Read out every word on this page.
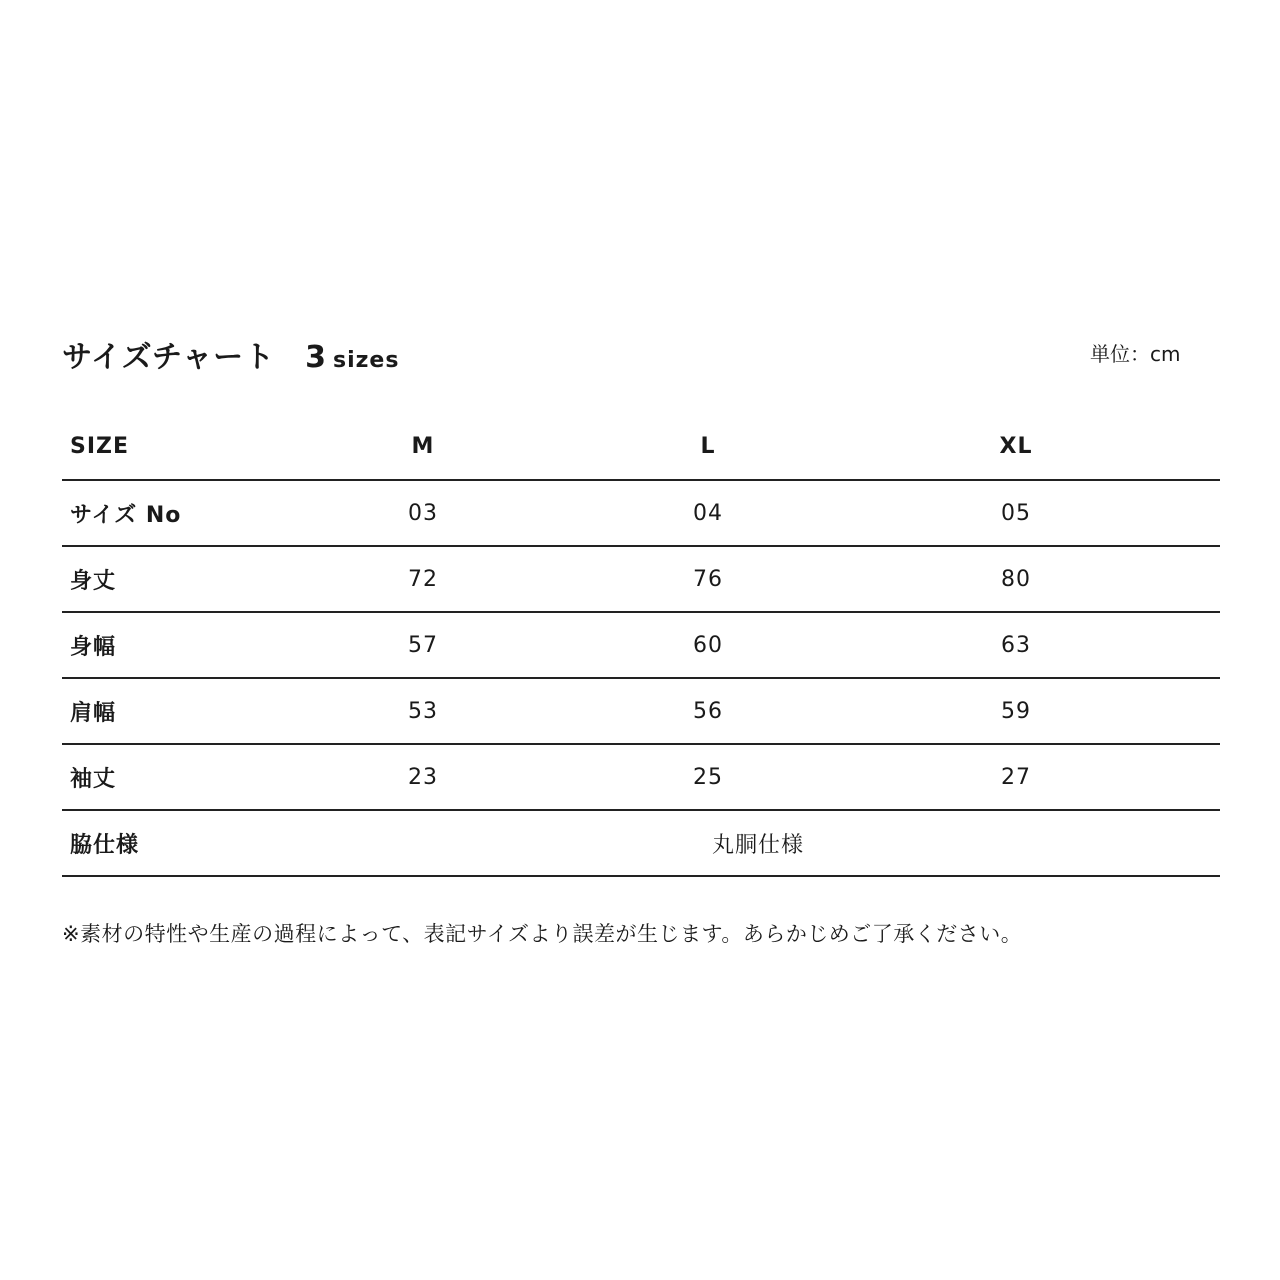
サイズチャート 3 sizes	単位：cm
SIZE	M	L	XL
サイズ No	03	04	05
身丈	72	76	80
身幅	57	60	63
肩幅	53	56	59
袖丈	23	25	27
脇仕様	丸胴仕様
※素材の特性や生産の過程によって、表記サイズより誤差が生じます。あらかじめご了承ください。
